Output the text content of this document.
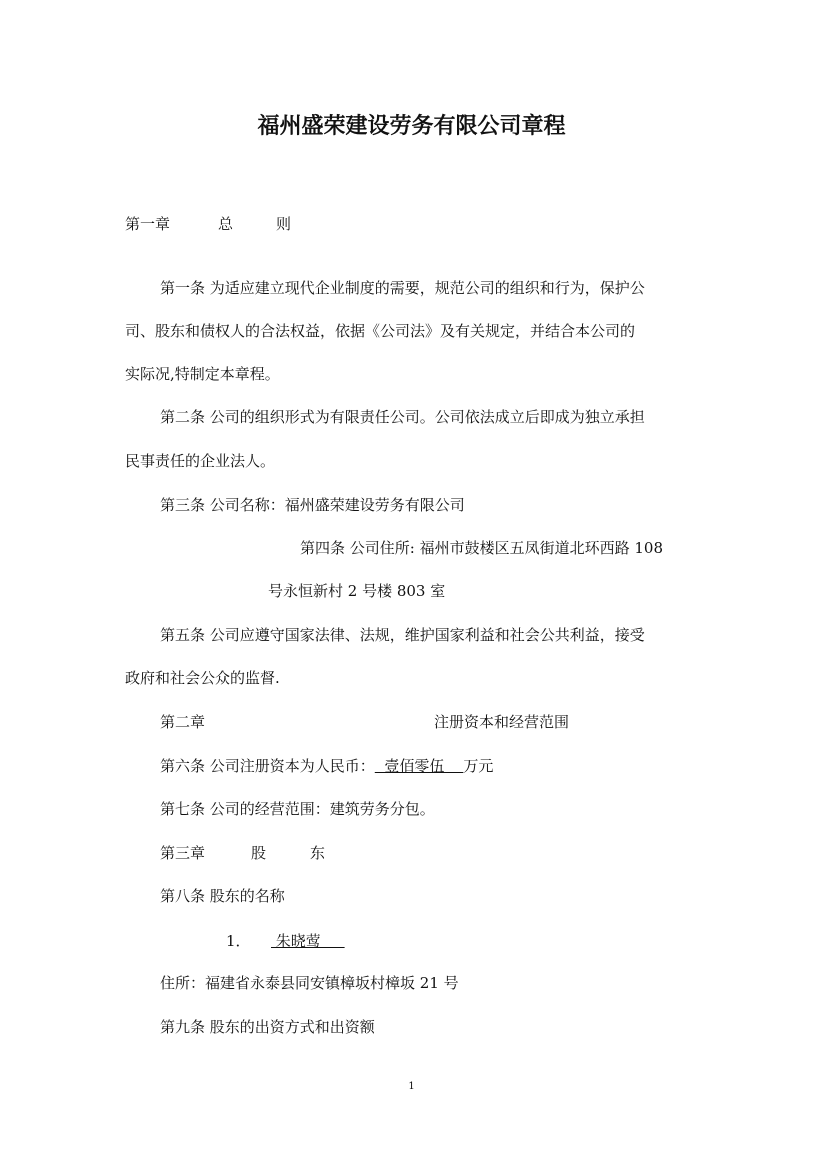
福州盛荣建设劳务有限公司章程
第一章	总	则
第一条 为适应建立现代企业制度的需要，规范公司的组织和行为，保护公
司、股东和债权人的合法权益，依据《公司法》及有关规定，并结合本公司的
实际况,特制定本章程。
第二条 公司的组织形式为有限责任公司。公司依法成立后即成为独立承担
民事责任的企业法人。
第三条 公司名称：福州盛荣建设劳务有限公司
第四条 公司住所: 福州市鼓楼区五凤街道北环西路 108
号永恒新村 2 号楼 803 室
第五条 公司应遵守国家法律、法规，维护国家利益和社会公共利益，接受
政府和社会公众的监督.
第二章	注册资本和经营范围
第六条 公司注册资本为人民币：  壹佰零伍    万元
第七条 公司的经营范围：建筑劳务分包。
第三章	股	东
第八条 股东的名称
1． 朱晓莺
住所：福建省永泰县同安镇樟坂村樟坂 21 号
第九条 股东的出资方式和出资额
1
